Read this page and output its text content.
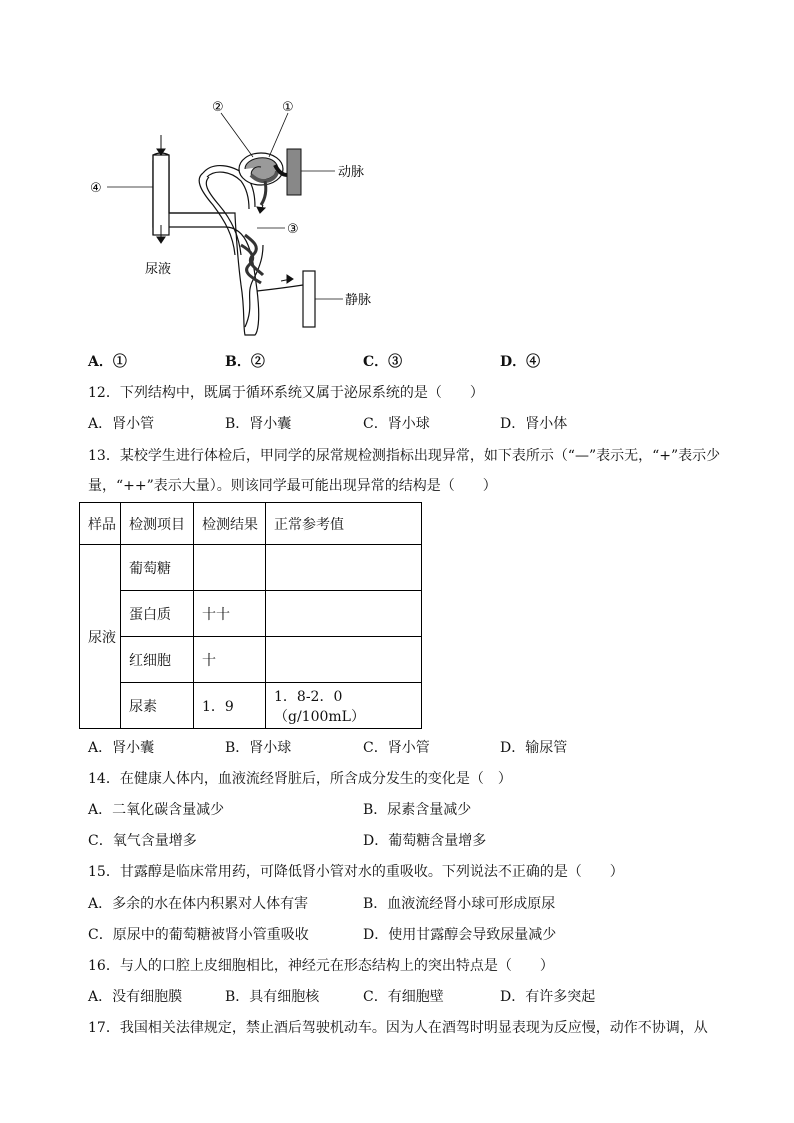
②	①
④
③
动脉
静脉
尿液
A．①	B．②	C．③	D．④
12．下列结构中，既属于循环系统又属于泌尿系统的是（　　）
A．肾小管	B．肾小囊	C．肾小球	D．肾小体
13．某校学生进行体检后，甲同学的尿常规检测指标出现异常，如下表所示（“—”表示无，“+”表示少
量，“++”表示大量）。则该同学最可能出现异常的结构是（　　）
样品	检测项目	检测结果	正常参考值
尿液	葡萄糖		
	蛋白质	十十	
	红细胞	十	
	尿素	1．9	1．8-2．0（g/100mL）
A．肾小囊	B．肾小球	C．肾小管	D．输尿管
14．在健康人体内，血液流经肾脏后，所含成分发生的变化是（　）
A．二氧化碳含量减少	B．尿素含量减少
C．氧气含量增多	D．葡萄糖含量增多
15．甘露醇是临床常用药，可降低肾小管对水的重吸收。下列说法不正确的是（　　）
A．多余的水在体内积累对人体有害	B．血液流经肾小球可形成原尿
C．原尿中的葡萄糖被肾小管重吸收	D．使用甘露醇会导致尿量减少
16．与人的口腔上皮细胞相比，神经元在形态结构上的突出特点是（　　）
A．没有细胞膜	B．具有细胞核	C．有细胞壁	D．有许多突起
17．我国相关法律规定，禁止酒后驾驶机动车。因为人在酒驾时明显表现为反应慢，动作不协调，从
